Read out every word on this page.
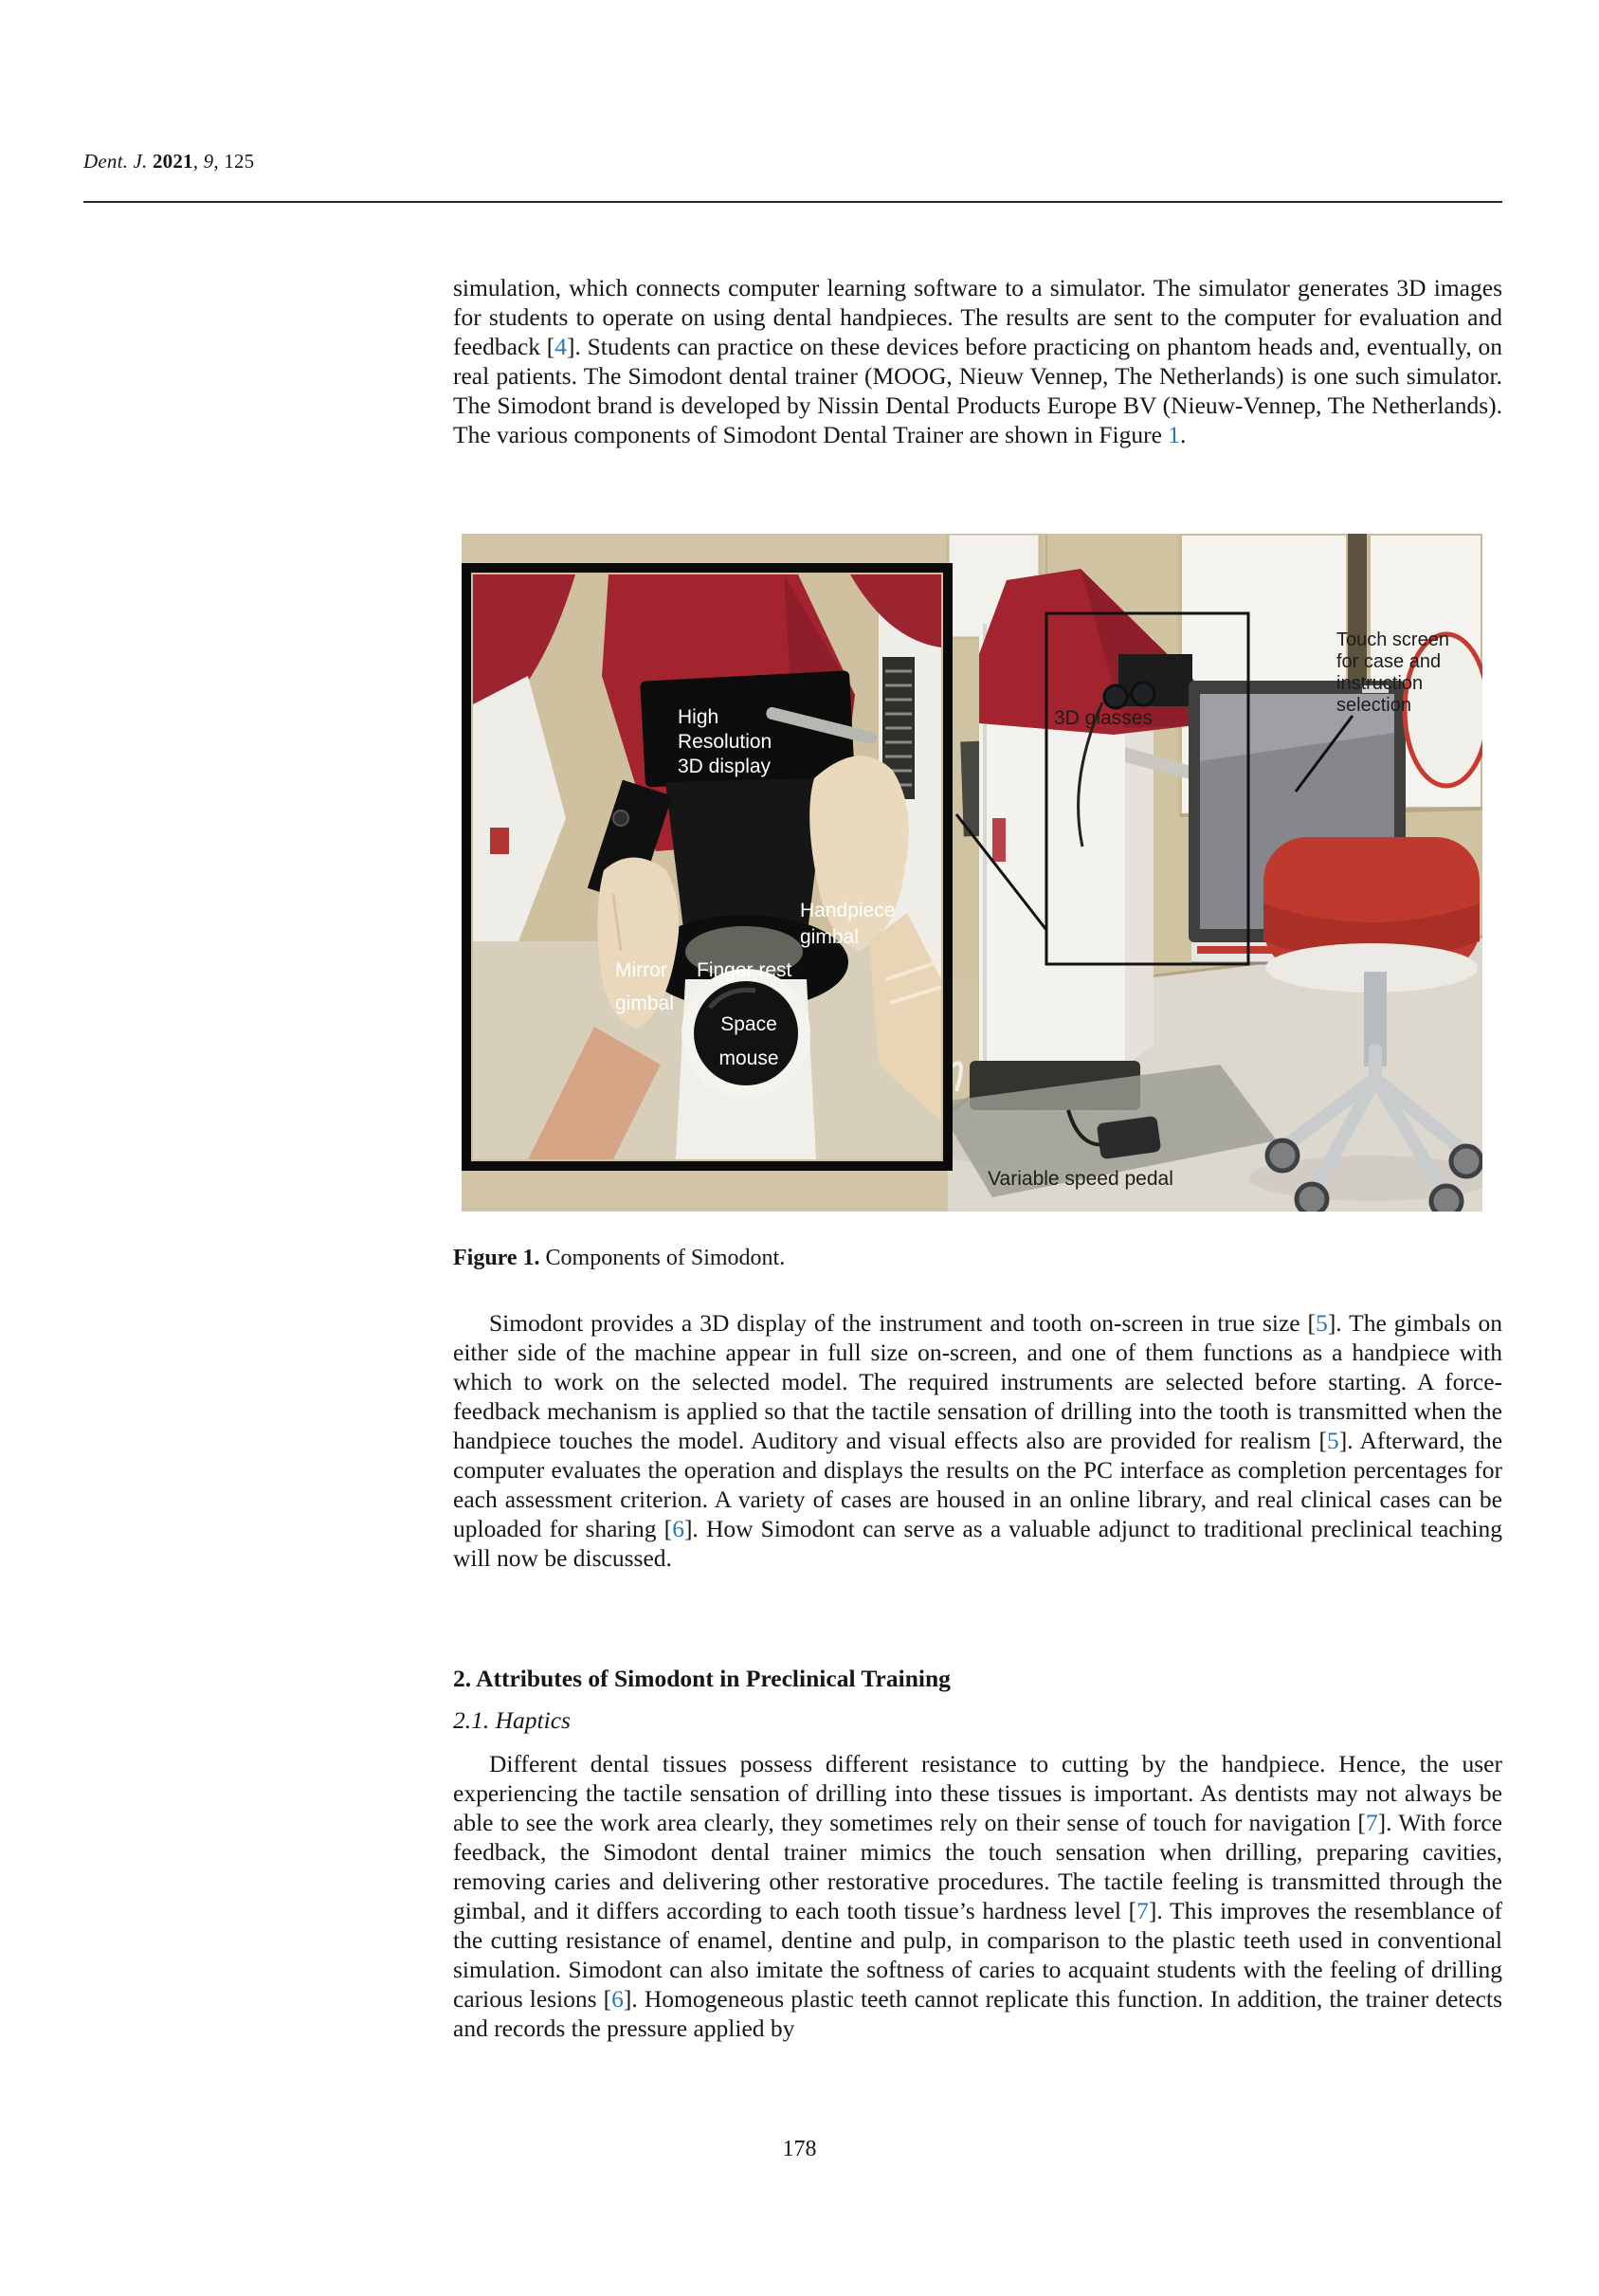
Dent. J. 2021, 9, 125
simulation, which connects computer learning software to a simulator. The simulator generates 3D images for students to operate on using dental handpieces. The results are sent to the computer for evaluation and feedback [4]. Students can practice on these devices before practicing on phantom heads and, eventually, on real patients. The Simodont dental trainer (MOOG, Nieuw Vennep, The Netherlands) is one such simulator. The Simodont brand is developed by Nissin Dental Products Europe BV (Nieuw-Vennep, The Netherlands). The various components of Simodont Dental Trainer are shown in Figure 1.
High
Resolution
3D display
Handpiece
gimbal
Mirror
gimbal
Finger rest
Space
mouse
3D glasses
Touch screen
for case and
instruction
selection
Variable speed pedal
Figure 1. Components of Simodont.
Simodont provides a 3D display of the instrument and tooth on-screen in true size [5]. The gimbals on either side of the machine appear in full size on-screen, and one of them functions as a handpiece with which to work on the selected model. The required instruments are selected before starting. A force-feedback mechanism is applied so that the tactile sensation of drilling into the tooth is transmitted when the handpiece touches the model. Auditory and visual effects also are provided for realism [5]. Afterward, the computer evaluates the operation and displays the results on the PC interface as completion percentages for each assessment criterion. A variety of cases are housed in an online library, and real clinical cases can be uploaded for sharing [6]. How Simodont can serve as a valuable adjunct to traditional preclinical teaching will now be discussed.
2. Attributes of Simodont in Preclinical Training
2.1. Haptics
Different dental tissues possess different resistance to cutting by the handpiece. Hence, the user experiencing the tactile sensation of drilling into these tissues is important. As dentists may not always be able to see the work area clearly, they sometimes rely on their sense of touch for navigation [7]. With force feedback, the Simodont dental trainer mimics the touch sensation when drilling, preparing cavities, removing caries and delivering other restorative procedures. The tactile feeling is transmitted through the gimbal, and it differs according to each tooth tissue’s hardness level [7]. This improves the resemblance of the cutting resistance of enamel, dentine and pulp, in comparison to the plastic teeth used in conventional simulation. Simodont can also imitate the softness of caries to acquaint students with the feeling of drilling carious lesions [6]. Homogeneous plastic teeth cannot replicate this function. In addition, the trainer detects and records the pressure applied by
178
